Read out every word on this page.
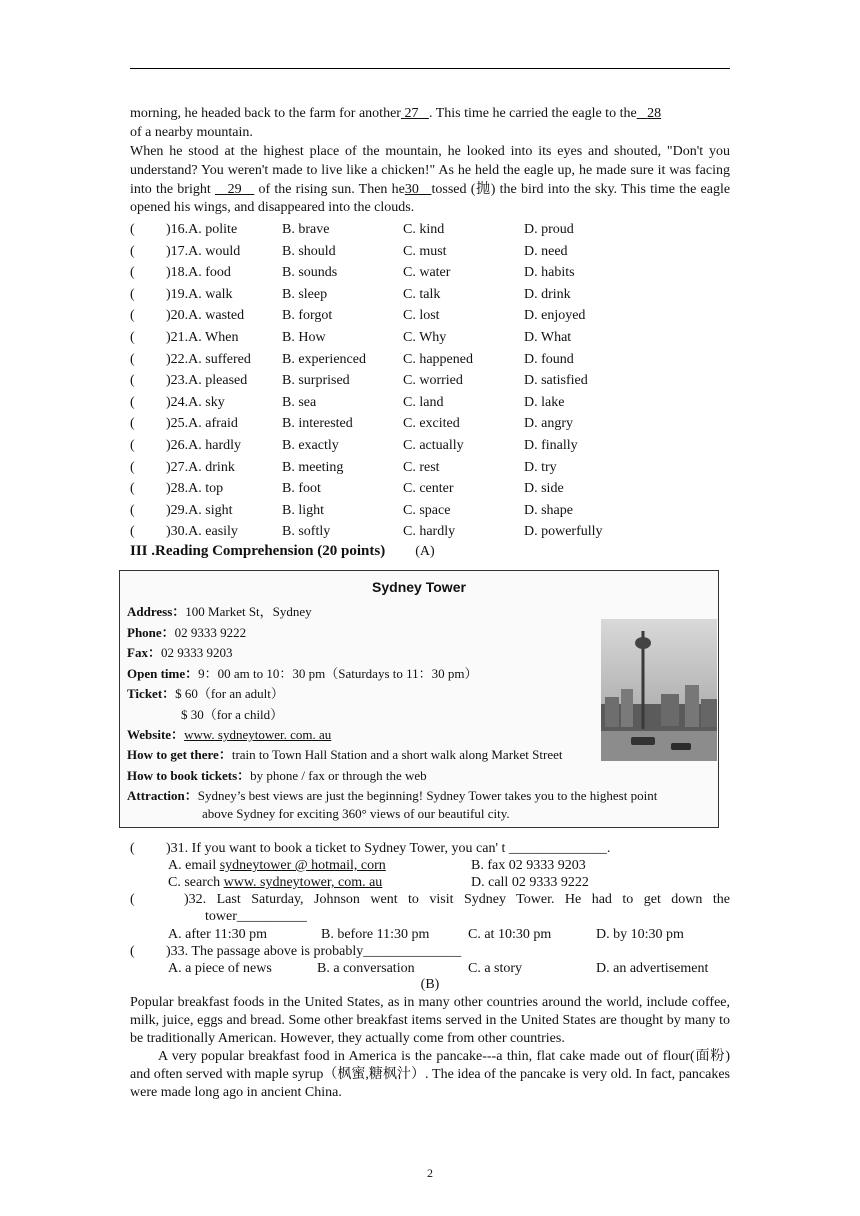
morning, he headed back to the farm for another 27 . This time he carried the eagle to the 28
of a nearby mountain.
When he stood at the highest place of the mountain, he looked into its eyes and shouted, "Don't you understand? You weren't made to live like a chicken!" As he held the eagle up, he made sure it was facing into the bright 29 of the rising sun. Then he30 tossed (抛) the bird into the sky. This time the eagle opened his wings, and disappeared into the clouds.
( )16.A. polite	B. brave	C. kind	D. proud
( )17.A. would	B. should	C. must	D. need
( )18.A. food	B. sounds	C. water	D. habits
( )19.A. walk	B. sleep	C. talk	D. drink
( )20.A. wasted	B. forgot	C. lost	D. enjoyed
( )21.A. When	B. How	C. Why	D. What
( )22.A. suffered B. experienced	C. happened	D. found
( )23.A. pleased B. surprised	C. worried	D. satisfied
( )24.A. sky	B. sea	C. land	D. lake
( )25.A. afraid	B. interested	C. excited	D. angry
( )26.A. hardly	B. exactly	C. actually	D. finally
( )27.A. drink	B. meeting	C. rest	D. try
( )28.A. top	B. foot	C. center	D. side
( )29.A. sight	B. light	C. space	D. shape
( )30.A. easily	B. softly	C. hardly	D. powerfully
III .Reading Comprehension (20 points) (A)
Sydney Tower
Address：100 Market St，Sydney
Phone：02 9333 9222
Fax：02 9333 9203
Open time：9：00 am to 10：30 pm（Saturdays to 11：30 pm）
Ticket：$ 60（for an adult）
$ 30（for a child）
Website：www. sydneytower. com. au
How to get there：train to Town Hall Station and a short walk along Market Street
How to book tickets：by phone / fax or through the web
Attraction：Sydney’s best views are just the beginning! Sydney Tower takes you to the highest point
above Sydney for exciting 360° views of our beautiful city.
( )31. If you want to book a ticket to Sydney Tower, you can' t ______________.
A. email sydneytower @ hotmail, corn	B. fax 02 9333 9203
C. search www. sydneytower, com. au	D. call 02 9333 9222
(	)32. Last Saturday, Johnson went to visit Sydney Tower. He had to get down the
tower__________
A. after 11:30 pm	B. before 11:30 pm	C. at 10:30 pm	D. by 10:30 pm
( )33. The passage above is probably______________
A. a piece of news	B. a conversation	C. a story	D. an advertisement
(B)
Popular breakfast foods in the United States, as in many other countries around the world, include coffee, milk, juice, eggs and bread. Some other breakfast items served in the United States are thought by many to be traditionally American. However, they actually come from other countries.
A very popular breakfast food in America is the pancake---a thin, flat cake made out of flour(面粉) and often served with maple syrup（枫蜜,糖枫汁）. The idea of the pancake is very old. In fact, pancakes were made long ago in ancient China.
2
